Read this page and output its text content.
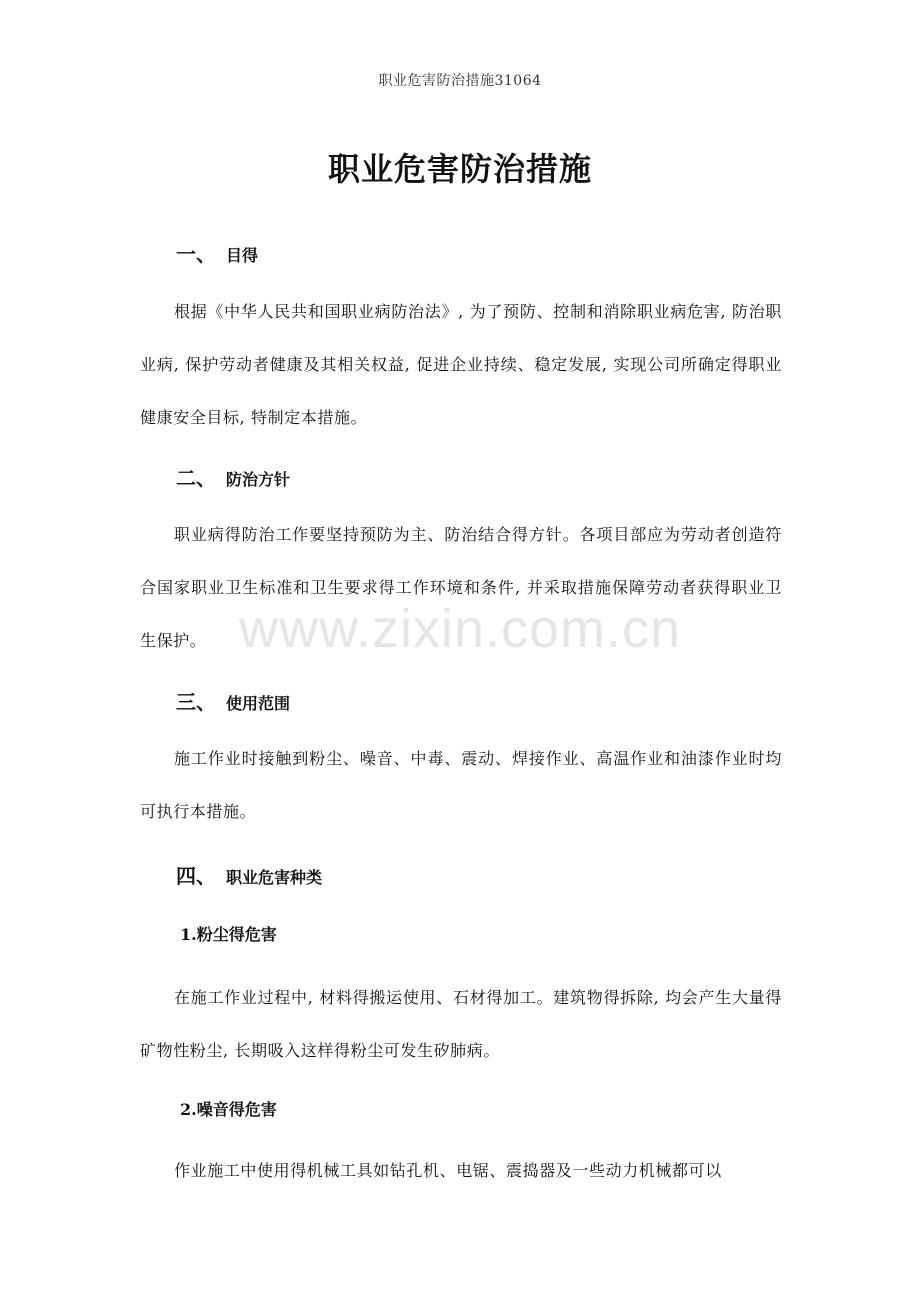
职业危害防治措施31064
职业危害防治措施
一、 目得

根据《中华人民共和国职业病防治法》, 为了预防、控制和消除职业病危害, 防治职业病, 保护劳动者健康及其相关权益, 促进企业持续、稳定发展, 实现公司所确定得职业健康安全目标, 特制定本措施。

二、 防治方针

职业病得防治工作要坚持预防为主、防治结合得方针。各项目部应为劳动者创造符合国家职业卫生标准和卫生要求得工作环境和条件, 并采取措施保障劳动者获得职业卫生保护。

三、 使用范围

施工作业时接触到粉尘、噪音、中毒、震动、焊接作业、高温作业和油漆作业时均可执行本措施。

四、 职业危害种类
1.粉尘得危害

在施工作业过程中, 材料得搬运使用、石材得加工。建筑物得拆除, 均会产生大量得矿物性粉尘, 长期吸入这样得粉尘可发生矽肺病。

2.噪音得危害

作业施工中使用得机械工具如钻孔机、电锯、震捣器及一些动力机械都可以

www.zixin.com.cn
